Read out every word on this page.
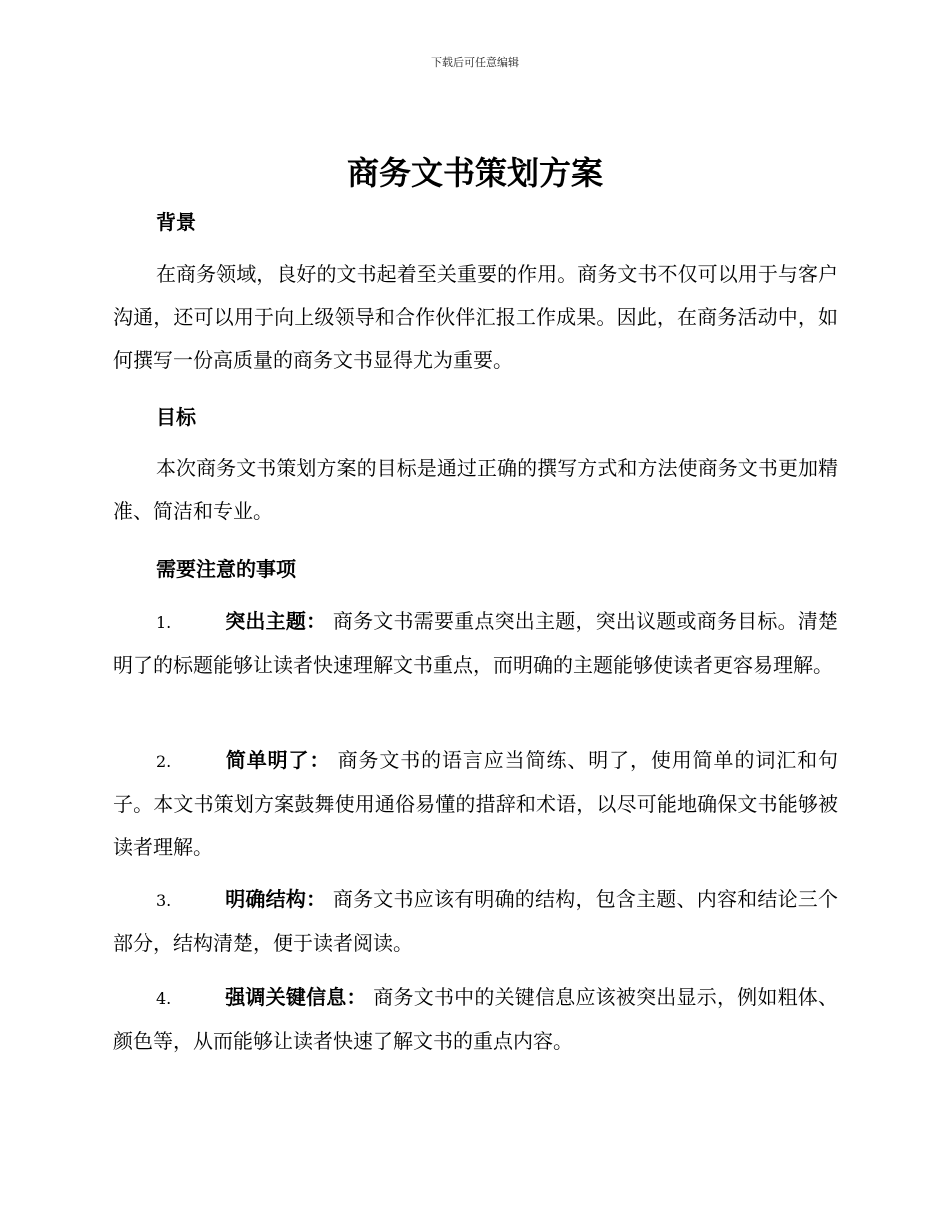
下载后可任意编辑
商务文书策划方案
背景
在商务领域，良好的文书起着至关重要的作用。商务文书不仅可以用于与客户沟通，还可以用于向上级领导和合作伙伴汇报工作成果。因此，在商务活动中，如何撰写一份高质量的商务文书显得尤为重要。
目标
本次商务文书策划方案的目标是通过正确的撰写方式和方法使商务文书更加精准、简洁和专业。
需要注意的事项
1.	突出主题： 商务文书需要重点突出主题，突出议题或商务目标。清楚明了的标题能够让读者快速理解文书重点，而明确的主题能够使读者更容易理解。
2.	简单明了： 商务文书的语言应当简练、明了，使用简单的词汇和句子。本文书策划方案鼓舞使用通俗易懂的措辞和术语，以尽可能地确保文书能够被读者理解。
3.	明确结构： 商务文书应该有明确的结构，包含主题、内容和结论三个部分，结构清楚，便于读者阅读。
4.	强调关键信息： 商务文书中的关键信息应该被突出显示，例如粗体、颜色等，从而能够让读者快速了解文书的重点内容。
